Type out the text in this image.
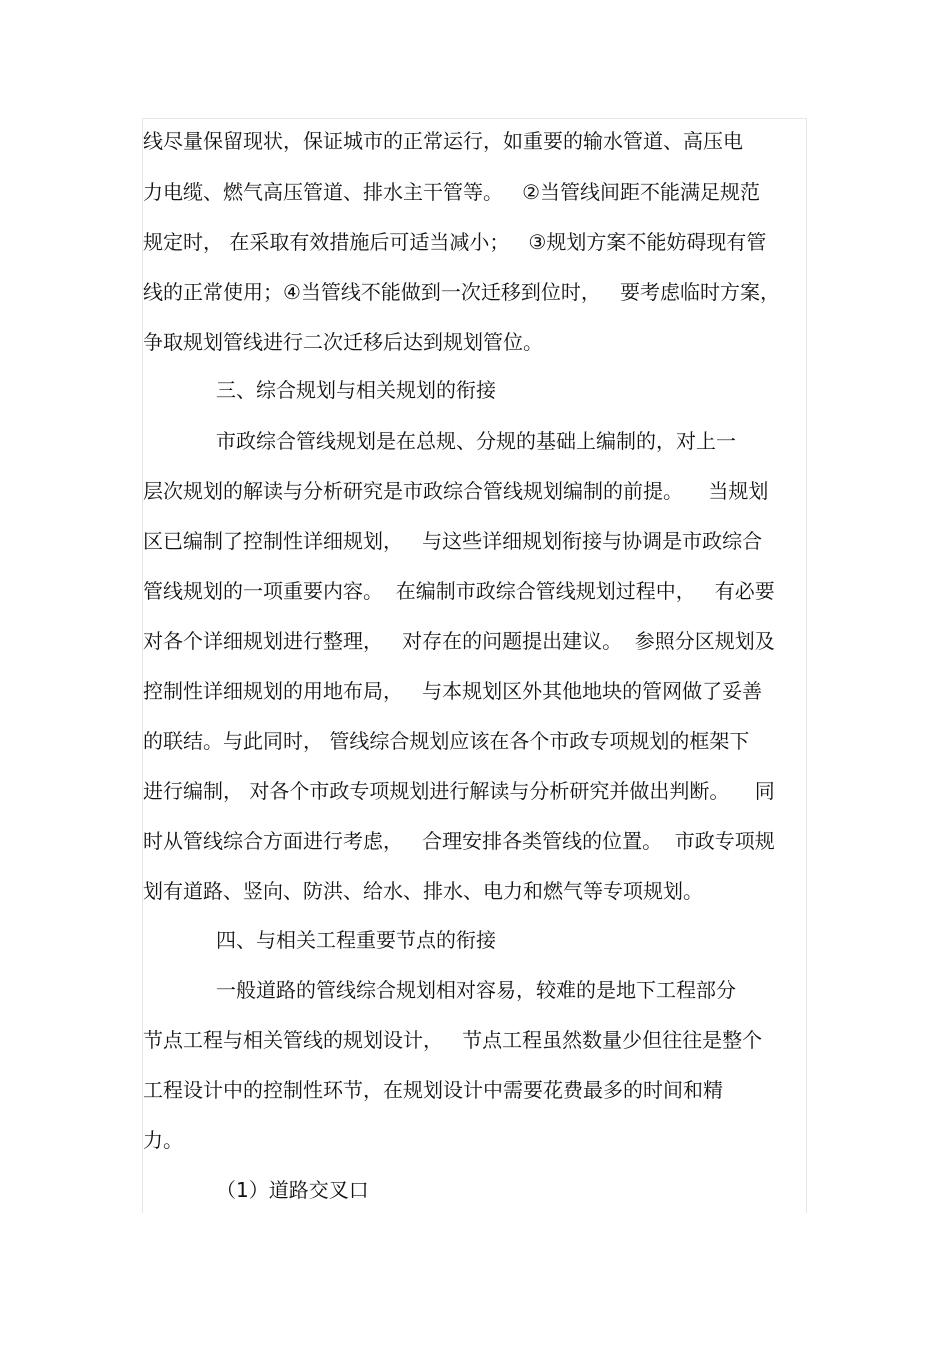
线尽量保留现状，保证城市的正常运行，如重要的输水管道、高压电
力电缆、燃气高压管道、排水主干管等。   ②当管线间距不能满足规范
规定时， 在采取有效措施后可适当减小；   ③规划方案不能妨碍现有管
线的正常使用；④当管线不能做到一次迁移到位时，   要考虑临时方案，
争取规划管线进行二次迁移后达到规划管位。
三、综合规划与相关规划的衔接
市政综合管线规划是在总规、分规的基础上编制的，对上一
层次规划的解读与分析研究是市政综合管线规划编制的前提。    当规划
区已编制了控制性详细规划，   与这些详细规划衔接与协调是市政综合
管线规划的一项重要内容。  在编制市政综合管线规划过程中，   有必要
对各个详细规划进行整理，   对存在的问题提出建议。  参照分区规划及
控制性详细规划的用地布局，   与本规划区外其他地块的管网做了妥善
的联结。与此同时， 管线综合规划应该在各个市政专项规划的框架下
进行编制， 对各个市政专项规划进行解读与分析研究并做出判断。    同
时从管线综合方面进行考虑，   合理安排各类管线的位置。  市政专项规
划有道路、竖向、防洪、给水、排水、电力和燃气等专项规划。
四、与相关工程重要节点的衔接
一般道路的管线综合规划相对容易，较难的是地下工程部分
节点工程与相关管线的规划设计，   节点工程虽然数量少但往往是整个
工程设计中的控制性环节，在规划设计中需要花费最多的时间和精
力。
（1）道路交叉口
